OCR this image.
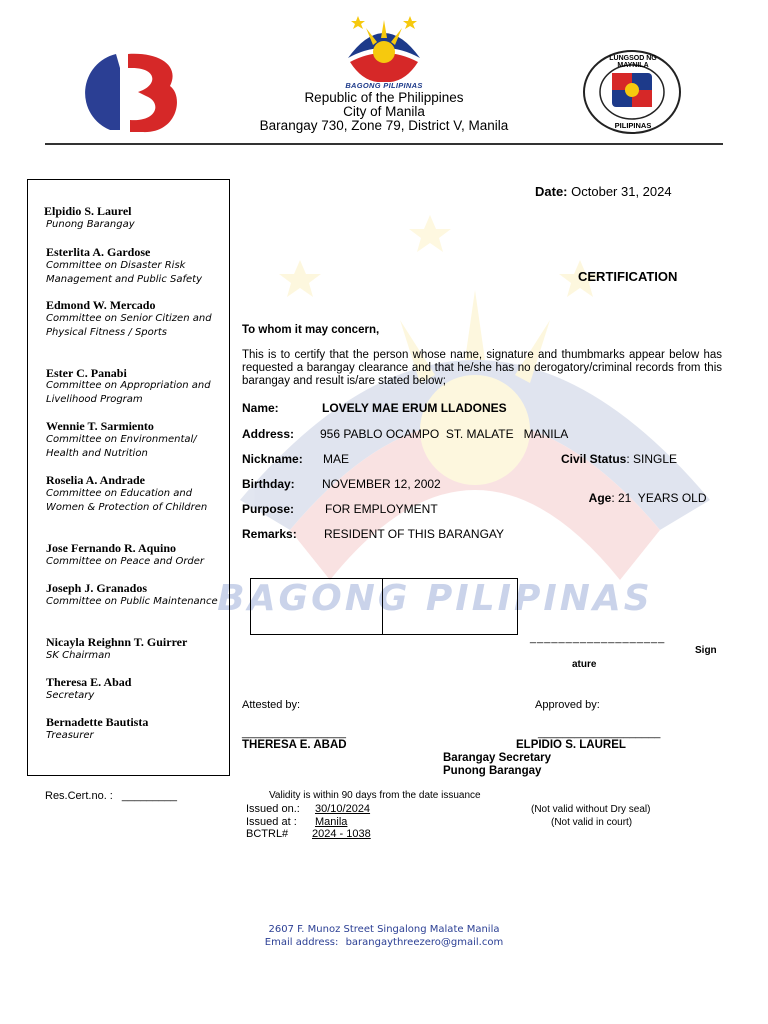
BAGONG PILIPINAS
BAGONG PILIPINAS
Republic of the Philippines
City of Manila
Barangay 730, Zone 79, District V, Manila
LUNGSOD NG MAYNILA
PILIPINAS
Elpidio S. Laurel
Punong Barangay
Esterlita A. Gardose
Committee on Disaster Risk Management and Public Safety
Edmond W. Mercado
Committee on Senior Citizen and Physical Fitness / Sports
Ester C. Panabi
Committee on Appropriation and Livelihood Program
Wennie T. Sarmiento
Committee on Environmental/ Health and Nutrition
Roselia A. Andrade
Committee on Education and Women & Protection of Children
Jose Fernando R. Aquino
Committee on Peace and Order
Joseph J. Granados
Committee on Public Maintenance
Nicayla Reighnn T. Guirrer
SK Chairman
Theresa E. Abad
Secretary
Bernadette Bautista
Treasurer
Date: October 31, 2024
CERTIFICATION
To whom it may concern,
This is to certify that the person whose name, signature and thumbmarks appear below has requested a barangay clearance and that he/she has no derogatory/criminal records from this barangay and result is/are stated below;
Name:	LOVELY MAE ERUM LLADONES
Address: 956 PABLO OCAMPO  ST. MALATE   MANILA
Nickname: MAE	Civil Status: SINGLE
Birthday: NOVEMBER 12, 2002

Age: 21  YEARS OLD

Purpose:	FOR EMPLOYMENT
Remarks: RESIDENT OF THIS BARANGAY
___________________
Sign
ature
Attested by:	Approved by:
_________________	____________________
THERESA E. ABAD	ELPIDIO S. LAUREL
Barangay Secretary
Punong Barangay
Res.Cert.no. : _________	Validity is within 90 days from the date issuance
Issued on.: 30/10/2024
Issued at : Manila
BCTRL# 2024 - 1038
(Not valid without Dry seal)
(Not valid in court)
2607 F. Munoz Street Singalong Malate Manila
Email address: barangaythreezero@gmail.com
